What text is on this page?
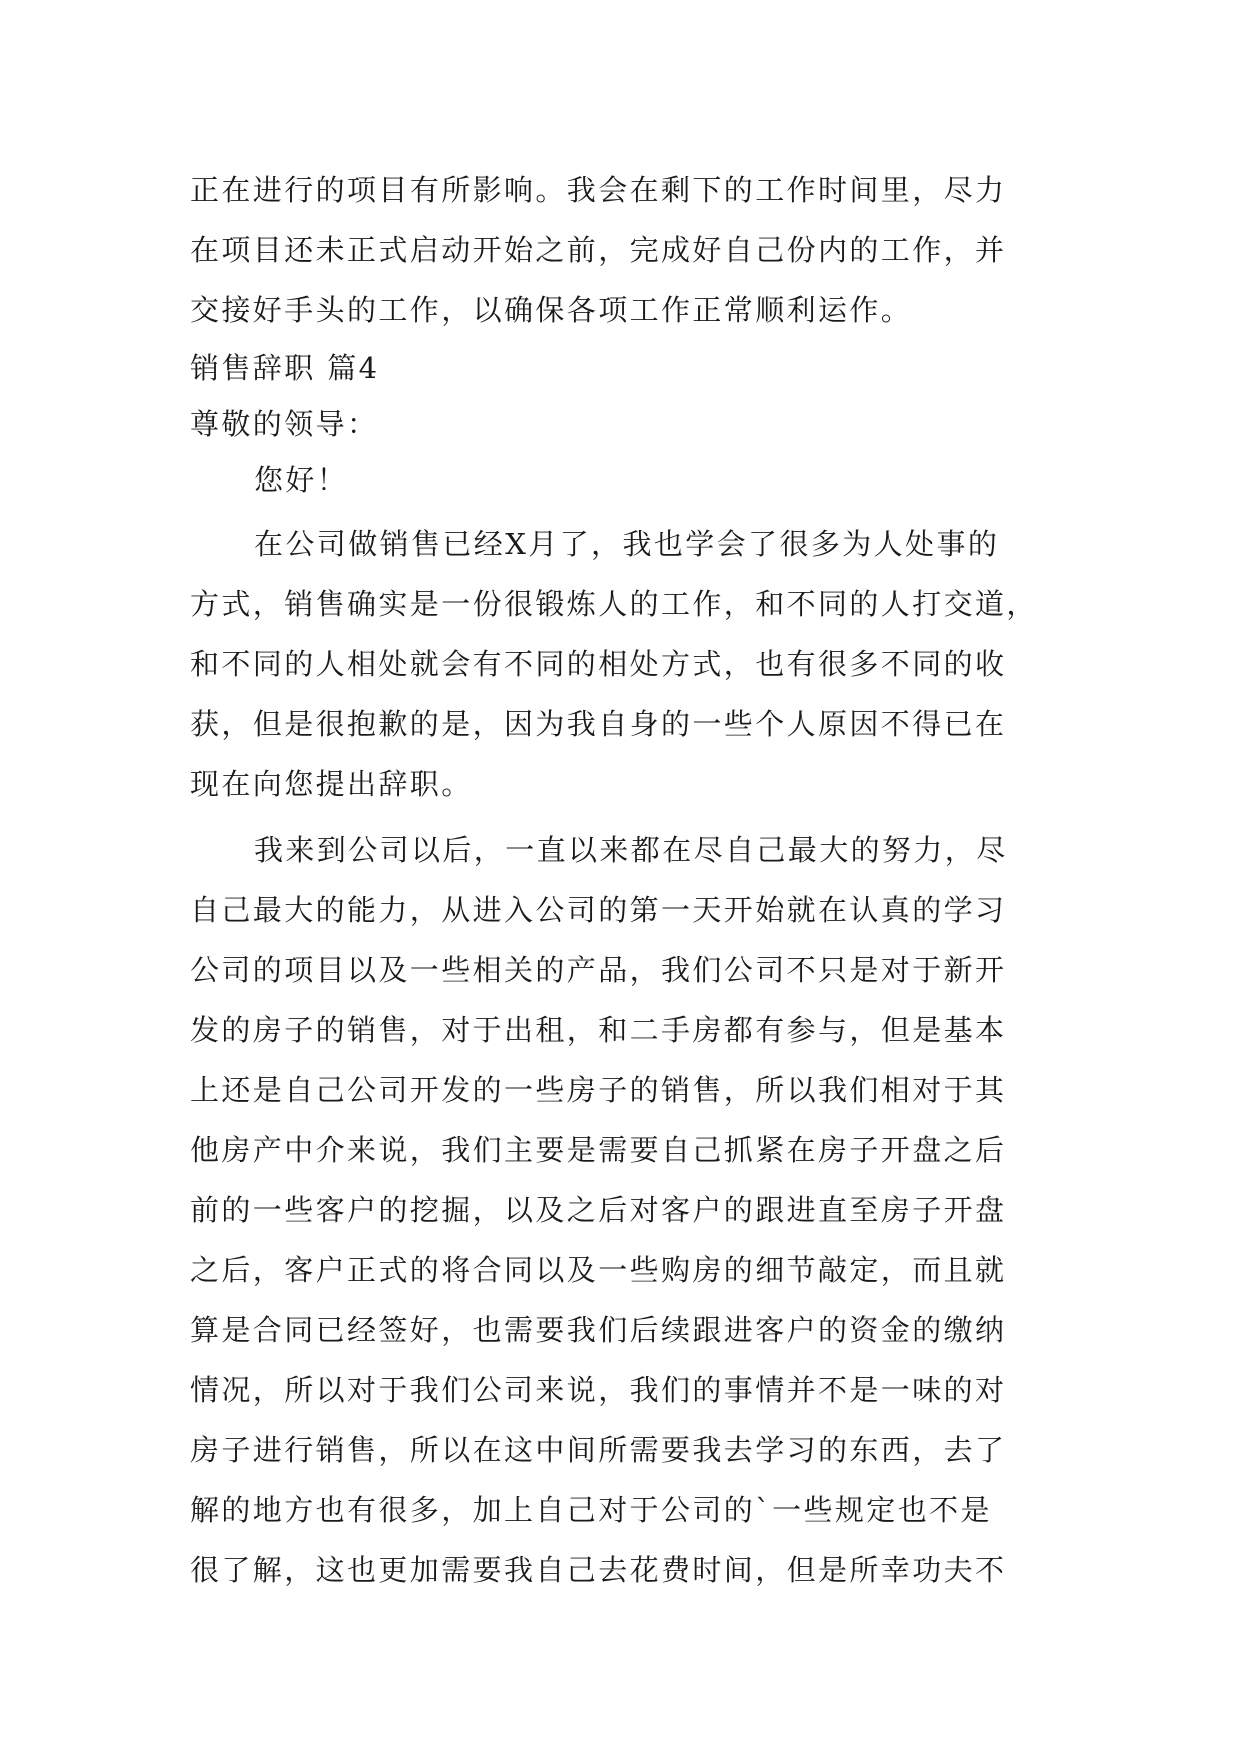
正在进行的项目有所影响。我会在剩下的工作时间里，尽力
在项目还未正式启动开始之前，完成好自己份内的工作，并
交接好手头的工作，以确保各项工作正常顺利运作。
销售辞职 篇4
尊敬的领导：
您好！
在公司做销售已经X月了，我也学会了很多为人处事的
方式，销售确实是一份很锻炼人的工作，和不同的人打交道，
和不同的人相处就会有不同的相处方式，也有很多不同的收
获，但是很抱歉的是，因为我自身的一些个人原因不得已在
现在向您提出辞职。
我来到公司以后，一直以来都在尽自己最大的努力，尽
自己最大的能力，从进入公司的第一天开始就在认真的学习
公司的项目以及一些相关的产品，我们公司不只是对于新开
发的房子的销售，对于出租，和二手房都有参与，但是基本
上还是自己公司开发的一些房子的销售，所以我们相对于其
他房产中介来说，我们主要是需要自己抓紧在房子开盘之后
前的一些客户的挖掘，以及之后对客户的跟进直至房子开盘
之后，客户正式的将合同以及一些购房的细节敲定，而且就
算是合同已经签好，也需要我们后续跟进客户的资金的缴纳
情况，所以对于我们公司来说，我们的事情并不是一味的对
房子进行销售，所以在这中间所需要我去学习的东西，去了
解的地方也有很多，加上自己对于公司的`一些规定也不是
很了解，这也更加需要我自己去花费时间，但是所幸功夫不
